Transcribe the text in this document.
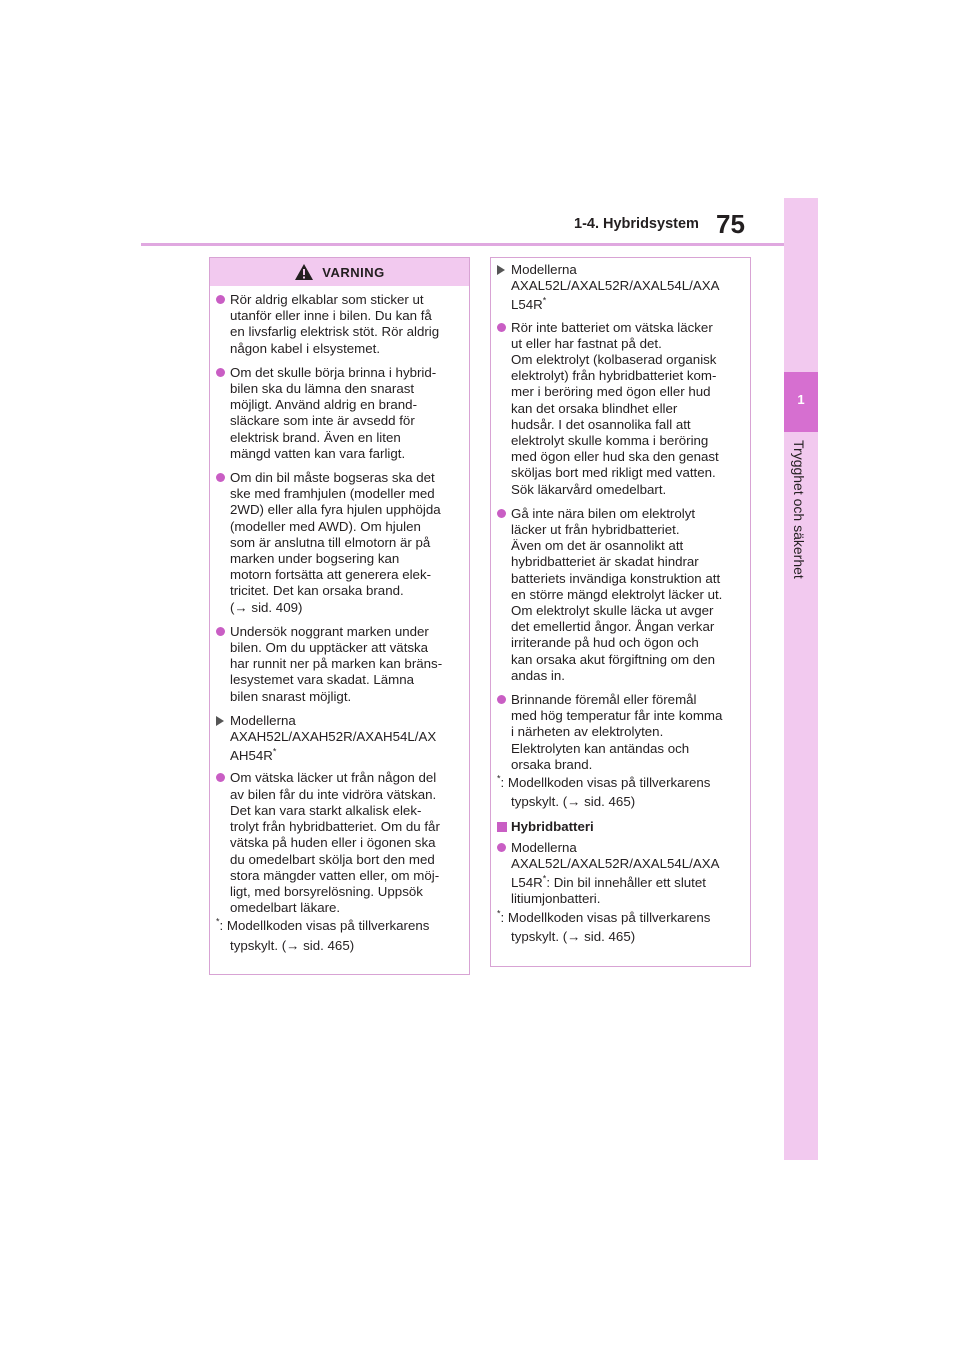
1-4. Hybridsystem 75
1
Trygghet och säkerhet
VARNING

Rör aldrig elkablar som sticker ut

utanför eller inne i bilen. Du kan få

en livsfarlig elektrisk stöt. Rör aldrig

någon kabel i elsystemet.

Om det skulle börja brinna i hybrid-

bilen ska du lämna den snarast

möjligt. Använd aldrig en brand-

släckare som inte är avsedd för

elektrisk brand. Även en liten

mängd vatten kan vara farligt.

Om din bil måste bogseras ska det

ske med framhjulen (modeller med

2WD) eller alla fyra hjulen upphöjda

(modeller med AWD). Om hjulen

som är anslutna till elmotorn är på

marken under bogsering kan

motorn fortsätta att generera elek-

tricitet. Det kan orsaka brand.

(→ sid. 409)

Undersök noggrant marken under

bilen. Om du upptäcker att vätska

har runnit ner på marken kan bräns-

lesystemet vara skadat. Lämna

bilen snarast möjligt.

Modellerna

AXAH52L/AXAH52R/AXAH54L/AX

AH54R*

Om vätska läcker ut från någon del

av bilen får du inte vidröra vätskan.

Det kan vara starkt alkalisk elek-

trolyt från hybridbatteriet. Om du får

vätska på huden eller i ögonen ska

du omedelbart skölja bort den med

stora mängder vatten eller, om möj-

ligt, med borsyrelösning. Uppsök

omedelbart läkare.

*: Modellkoden visas på tillverkarens

typskylt. (→ sid. 465)

Modellerna

AXAL52L/AXAL52R/AXAL54L/AXA

L54R*

Rör inte batteriet om vätska läcker

ut eller har fastnat på det.

Om elektrolyt (kolbaserad organisk

elektrolyt) från hybridbatteriet kom-

mer i beröring med ögon eller hud

kan det orsaka blindhet eller

hudsår. I det osannolika fall att

elektrolyt skulle komma i beröring

med ögon eller hud ska den genast

sköljas bort med rikligt med vatten.

Sök läkarvård omedelbart.

Gå inte nära bilen om elektrolyt

läcker ut från hybridbatteriet.

Även om det är osannolikt att

hybridbatteriet är skadat hindrar

batteriets invändiga konstruktion att

en större mängd elektrolyt läcker ut.

Om elektrolyt skulle läcka ut avger

det emellertid ångor. Ångan verkar

irriterande på hud och ögon och

kan orsaka akut förgiftning om den

andas in.

Brinnande föremål eller föremål

med hög temperatur får inte komma

i närheten av elektrolyten.

Elektrolyten kan antändas och

orsaka brand.

*: Modellkoden visas på tillverkarens

typskylt. (→ sid. 465)

Hybridbatteri

Modellerna

AXAL52L/AXAL52R/AXAL54L/AXA

L54R*: Din bil innehåller ett slutet

litiumjonbatteri.

*: Modellkoden visas på tillverkarens

typskylt. (→ sid. 465)
